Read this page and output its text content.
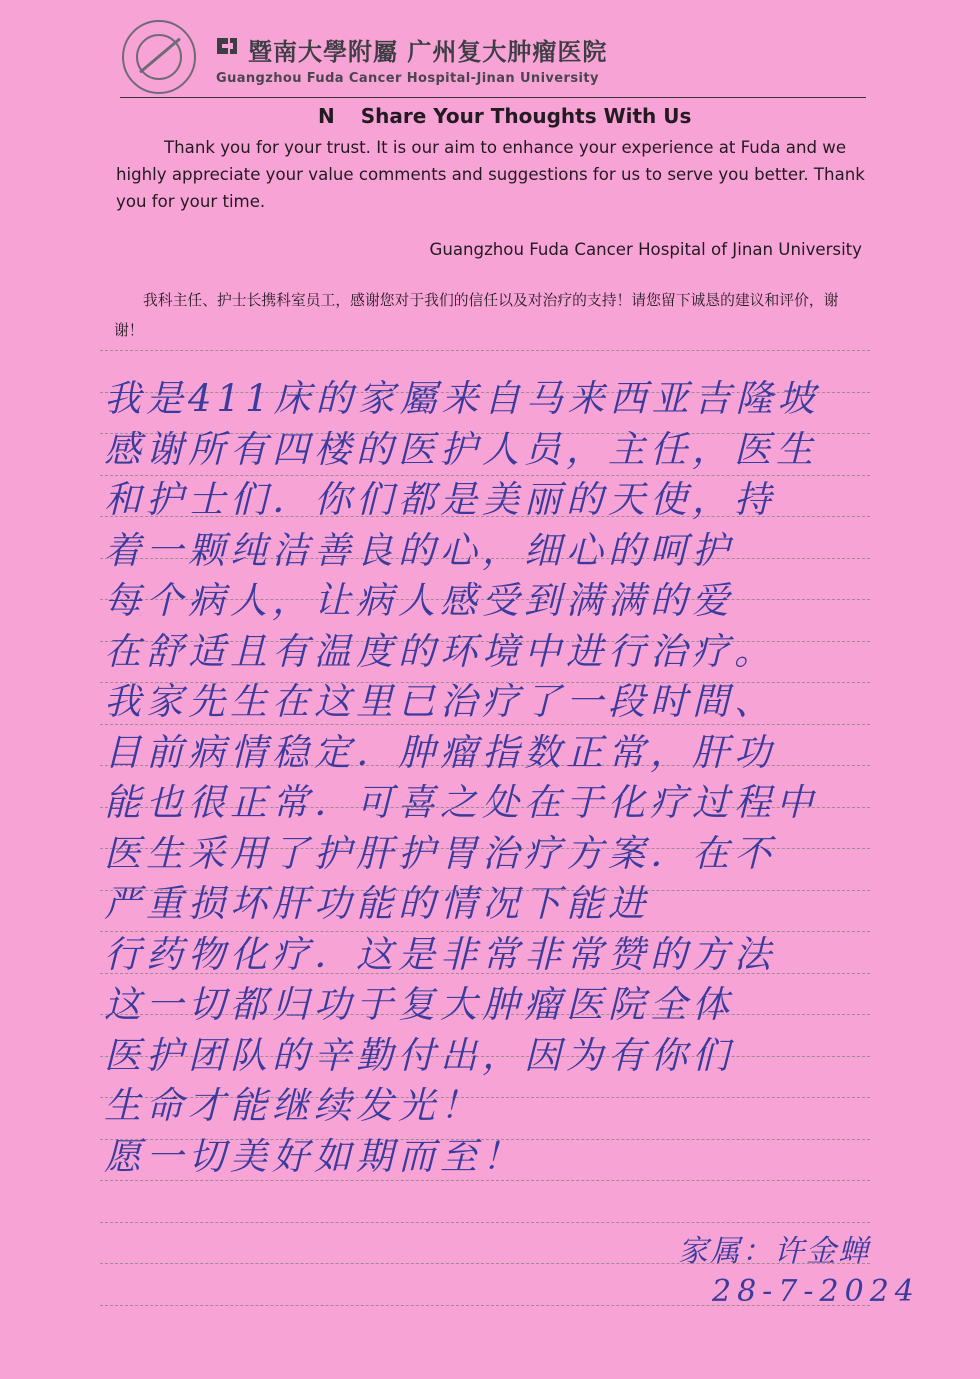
暨南大學附屬 广州复大肿瘤医院
Guangzhou Fuda Cancer Hospital-Jinan University
N Share Your Thoughts With Us
Thank you for your trust. It is our aim to enhance your experience at Fuda and we highly appreciate your value comments and suggestions for us to serve you better. Thank you for your time.
Guangzhou Fuda Cancer Hospital of Jinan University
我科主任、护士长携科室员工，感谢您对于我们的信任以及对治疗的支持！请您留下诚恳的建议和评价，谢谢！
我是411床的家屬来自马来西亚吉隆坡
感谢所有四楼的医护人员，主任，医生
和护士们．你们都是美丽的天使，持
着一颗纯洁善良的心，细心的呵护
每个病人，让病人感受到满满的爱
在舒适且有温度的环境中进行治疗。
我家先生在这里已治疗了一段时間、
目前病情稳定．肿瘤指数正常，肝功
能也很正常．可喜之处在于化疗过程中
医生采用了护肝护胃治疗方案．在不
严重损坏肝功能的情况下能进
行药物化疗．这是非常非常赞的方法
这一切都归功于复大肿瘤医院全体
医护团队的辛勤付出，因为有你们
生命才能继续发光！
愿一切美好如期而至！
家属：许金蝉
28-7-2024
